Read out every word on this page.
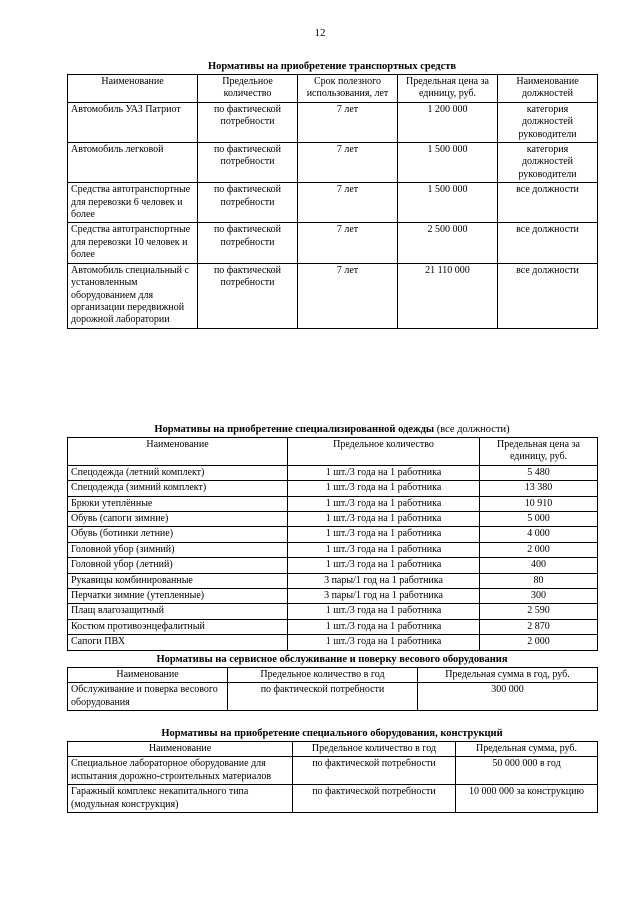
12
Нормативы на приобретение транспортных средств
Наименование	Предельное количество	Срок полезного использования, лет	Предельная цена за единицу, руб.	Наименование должностей
Автомобиль УАЗ Патриот	по фактической потребности	7 лет	1 200 000	категория должностей руководители
Автомобиль легковой	по фактической потребности	7 лет	1 500 000	категория должностей руководители
Средства автотранспортные для перевозки 6 человек и более	по фактической потребности	7 лет	1 500 000	все должности
Средства автотранспортные для перевозки 10 человек и более	по фактической потребности	7 лет	2 500 000	все должности
Автомобиль специальный с установленным оборудованием для организации передвижной дорожной лаборатории	по фактической потребности	7 лет	21 110 000	все должности
Нормативы на приобретение специализированной одежды (все должности)
Наименование	Предельное количество	Предельная цена за единицу, руб.
Спецодежда (летний комплект)	1 шт./3 года на 1 работника	5 480
Спецодежда (зимний комплект)	1 шт./3 года на 1 работника	13 380
Брюки утеплённые	1 шт./3 года на 1 работника	10 910
Обувь (сапоги зимние)	1 шт./3 года на 1 работника	5 000
Обувь (ботинки летние)	1 шт./3 года на 1 работника	4 000
Головной убор (зимний)	1 шт./3 года на 1 работника	2 000
Головной убор (летний)	1 шт./3 года на 1 работника	400
Рукавицы комбинированные	3 пары/1 год на 1 работника	80
Перчатки зимние (утепленные)	3 пары/1 год на 1 работника	300
Плащ влагозащитный	1 шт./3 года на 1 работника	2 590
Костюм противоэнцефалитный	1 шт./3 года на 1 работника	2 870
Сапоги ПВХ	1 шт./3 года на 1 работника	2 000
Нормативы на сервисное обслуживание и поверку весового оборудования
Наименование	Предельное количество в год	Предельная сумма в год, руб.
Обслуживание и поверка весового оборудования	по фактической потребности	300 000
Нормативы на приобретение специального оборудования, конструкций
Наименование	Предельное количество в год	Предельная сумма, руб.
Специальное лабораторное оборудование для испытания дорожно-строительных материалов	по фактической потребности	50 000 000 в год
Гаражный комплекс некапитального типа (модульная конструкция)	по фактической потребности	10 000 000 за конструкцию
